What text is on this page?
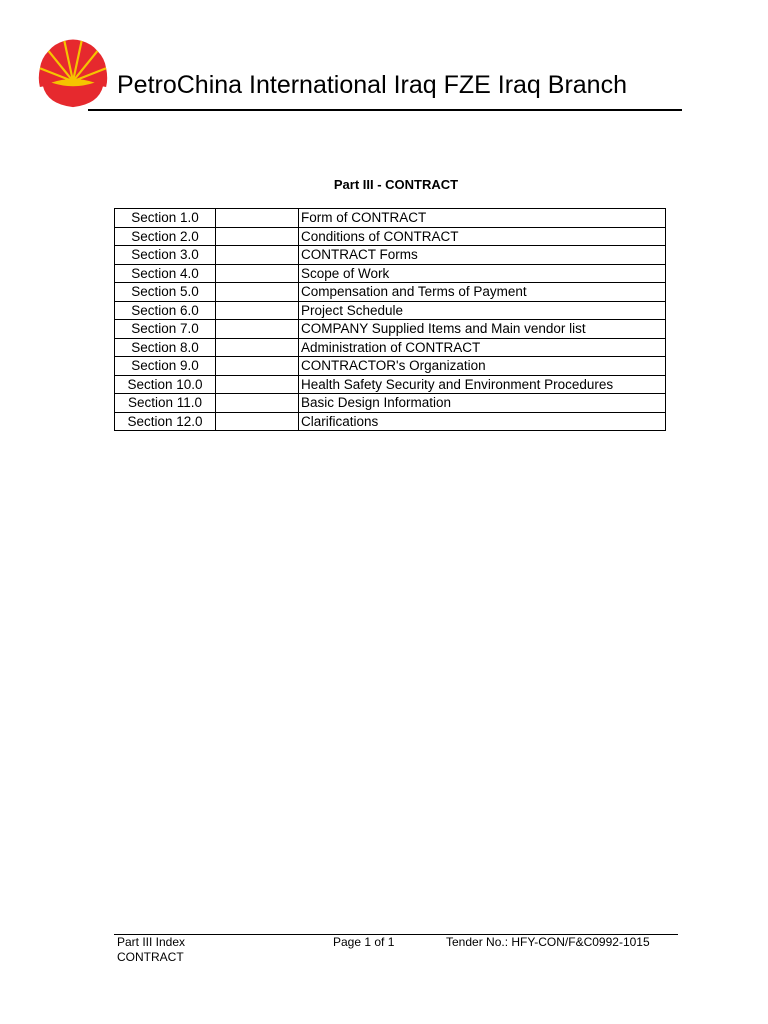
PetroChina International Iraq FZE Iraq Branch
Part III - CONTRACT
Section 1.0		Form of CONTRACT
Section 2.0		Conditions of CONTRACT
Section 3.0		CONTRACT Forms
Section 4.0		Scope of Work
Section 5.0		Compensation and Terms of Payment
Section 6.0		Project Schedule
Section 7.0		COMPANY Supplied Items and Main vendor list
Section 8.0		Administration of CONTRACT
Section 9.0		CONTRACTOR's Organization
Section 10.0		Health Safety Security and Environment Procedures
Section 11.0		Basic Design Information
Section 12.0		Clarifications
Part III Index
CONTRACT
Page 1 of 1	Tender No.: HFY-CON/F&C0992-1015
